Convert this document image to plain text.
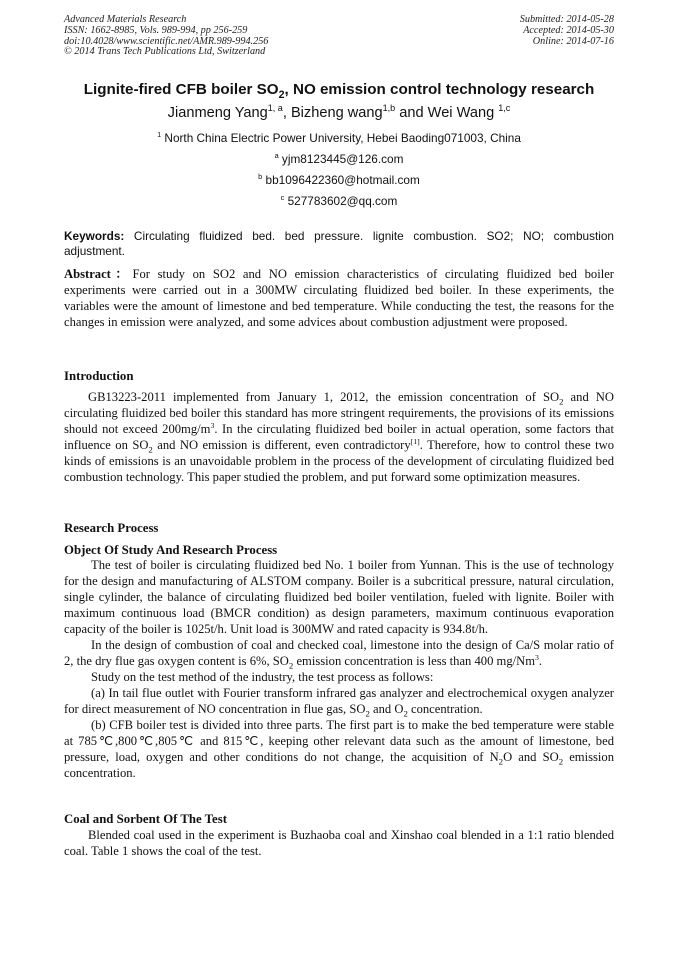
Advanced Materials Research
ISSN: 1662-8985, Vols. 989-994, pp 256-259
doi:10.4028/www.scientific.net/AMR.989-994.256
© 2014 Trans Tech Publications Ltd, Switzerland
Submitted: 2014-05-28
Accepted: 2014-05-30
Online: 2014-07-16
Lignite-fired CFB boiler $SO_2$, NO emission control technology research
Jianmeng Yang$^{1, a}$, Bizheng wang$^{1,b}$ and Wei Wang $^{1,c}$
$^1$ North China Electric Power University, Hebei Baoding071003, China
$^a$ yjm8123445@126.com
$^b$ bb1096422360@hotmail.com
$^c$ 527783602@qq.com
Keywords: Circulating fluidized bed. bed pressure. lignite combustion. SO2; NO; combustion adjustment.
Abstract：For study on SO2 and NO emission characteristics of circulating fluidized bed boiler experiments were carried out in a 300MW circulating fluidized bed boiler. In these experiments, the variables were the amount of limestone and bed temperature. While conducting the test, the reasons for the changes in emission were analyzed, and some advices about combustion adjustment were proposed.
Introduction

GB13223-2011 implemented from January 1, 2012, the emission concentration of $SO_2$ and NO circulating fluidized bed boiler this standard has more stringent requirements, the provisions of its emissions should not exceed $200mg/m^3$. In the circulating fluidized bed boiler in actual operation, some factors that influence on $SO_2$ and NO emission is different, even contradictory[1]. Therefore, how to control these two kinds of emissions is an unavoidable problem in the process of the development of circulating fluidized bed combustion technology. This paper studied the problem, and put forward some optimization measures.

Research Process
Object Of Study And Research Process

The test of boiler is circulating fluidized bed No. 1 boiler from Yunnan. This is the use of technology for the design and manufacturing of ALSTOM company. Boiler is a subcritical pressure, natural circulation, single cylinder, the balance of circulating fluidized bed boiler ventilation, fueled with lignite. Boiler with maximum continuous load (BMCR condition) as design parameters, maximum continuous evaporation capacity of the boiler is 1025t/h. Unit load is 300MW and rated capacity is 934.8t/h.

In the design of combustion of coal and checked coal, limestone into the design of Ca/S molar ratio of 2, the dry flue gas oxygen content is 6%, $SO_2$ emission concentration is less than 400 mg/Nm$^3$.

Study on the test method of the industry, the test process as follows:

(a) In tail flue outlet with Fourier transform infrared gas analyzer and electrochemical oxygen analyzer for direct measurement of NO concentration in flue gas, $SO_2$ and $O_2$ concentration.

(b) CFB boiler test is divided into three parts. The first part is to make the bed temperature were stable at 785℃,800℃,805℃ and 815℃, keeping other relevant data such as the amount of limestone, bed pressure, load, oxygen and other conditions do not change, the acquisition of $N_2O$ and $SO_2$ emission concentration.

Coal and Sorbent Of The Test

Blended coal used in the experiment is Buzhaoba coal and Xinshao coal blended in a 1:1 ratio blended coal. Table 1 shows the coal of the test.
